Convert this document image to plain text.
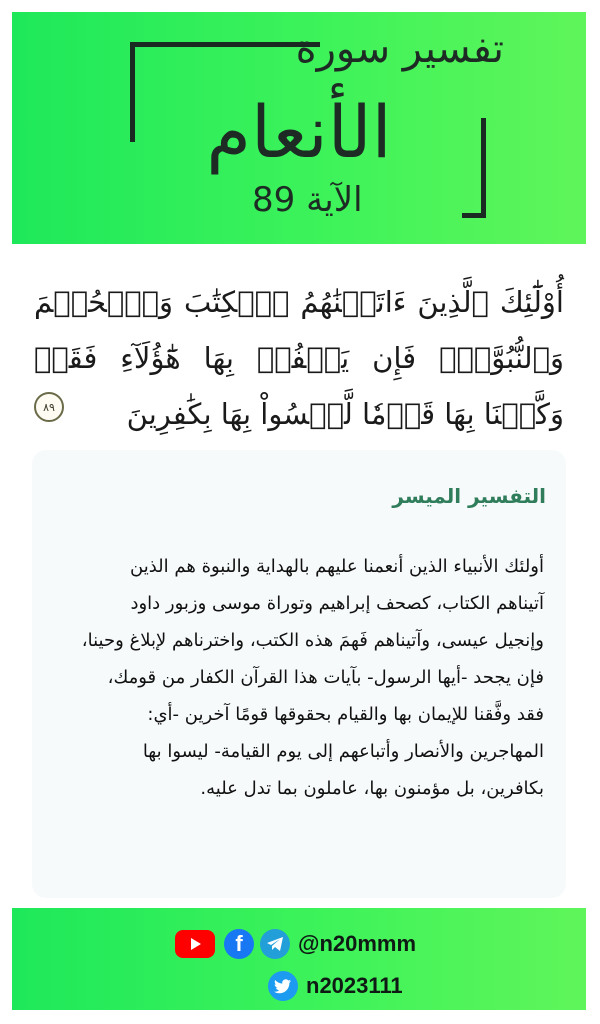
تفسير سورة
الأنعام
الآية 89
أُوْلَٰٓئِكَ ٱلَّذِينَ ءَاتَيۡنَٰهُمُ ٱلۡكِتَٰبَ وَٱلۡحُكۡمَ وَٱلنُّبُوَّةَۚ فَإِن يَكۡفُرۡ بِهَا هَٰٓؤُلَآءِ فَقَدۡ وَكَّلۡنَا بِهَا قَوۡمٗا لَّيۡسُواْ بِهَا بِكَٰفِرِينَ
٨٩
التفسير الميسر
أولئك الأنبياء الذين أنعمنا عليهم بالهداية والنبوة هم الذين آتيناهم الكتاب، كصحف إبراهيم وتوراة موسى وزبور داود وإنجيل عيسى، وآتيناهم فَهمَ هذه الكتب، واخترناهم لإبلاغ وحينا، فإن يجحد -أيها الرسول- بآيات هذا القرآن الكفار من قومك، فقد وفَّقنا للإيمان بها والقيام بحقوقها قومًا آخرين -أي: المهاجرين والأنصار وأتباعهم إلى يوم القيامة- ليسوا بها بكافرين، بل مؤمنون بها، عاملون بما تدل عليه.
f	@n20mmm
n2023111
